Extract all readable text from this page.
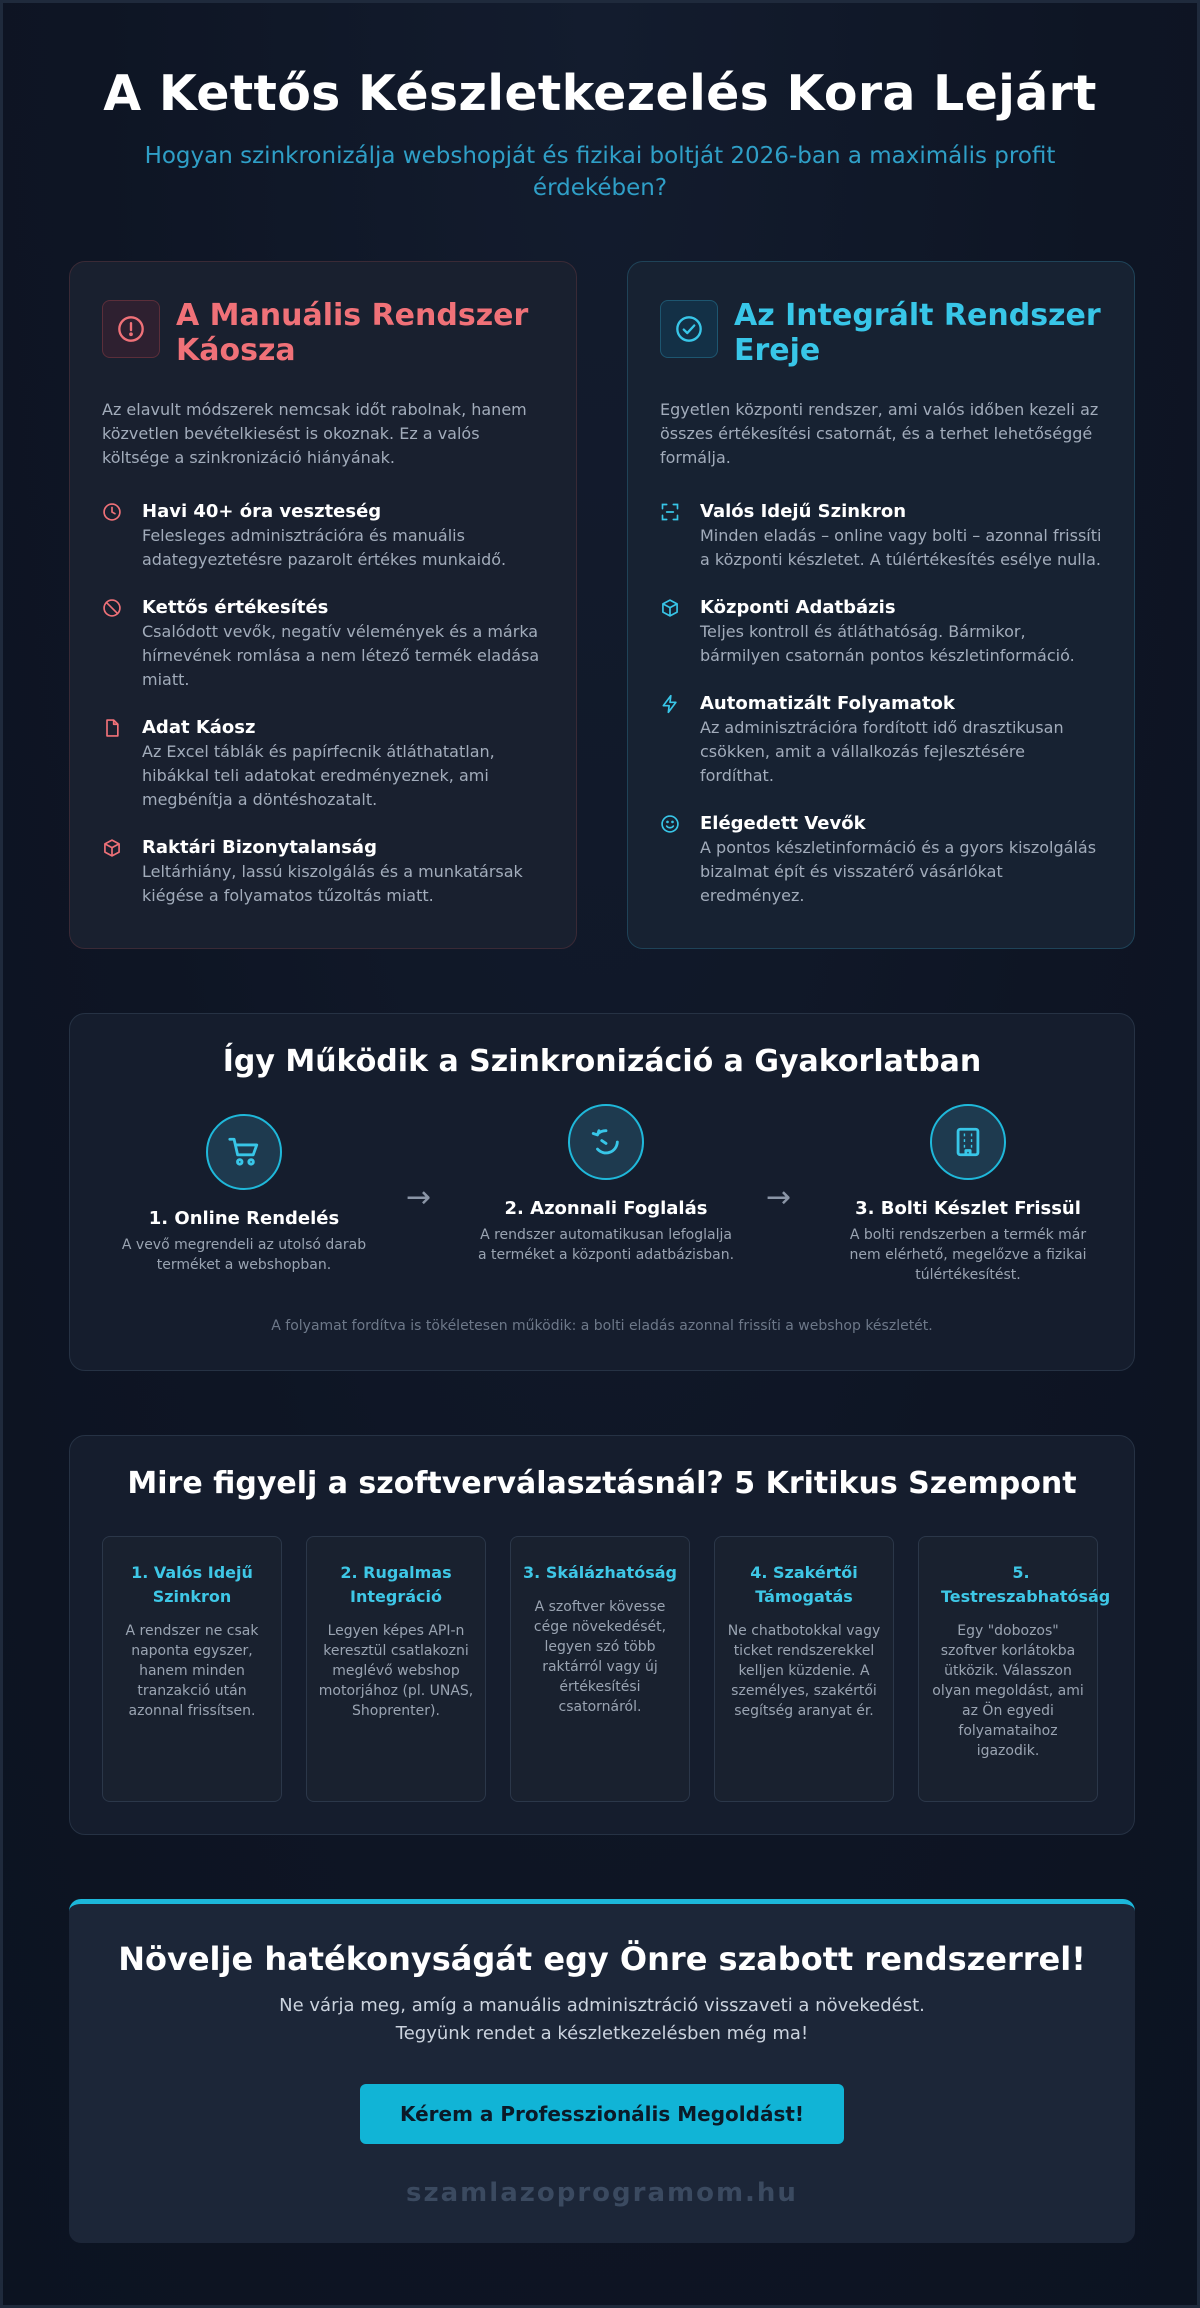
A Kettős Készletkezelés Kora Lejárt

Hogyan szinkronizálja webshopját és fizikai boltját 2026-ban a maximális profit érdekében?

A Manuális Rendszer Káosza

Az elavult módszerek nemcsak időt rabolnak, hanem közvetlen bevételkiesést is okoznak. Ez a valós költsége a szinkronizáció hiányának.

Havi 40+ óra veszteség
Felesleges adminisztrációra és manuális adategyeztetésre pazarolt értékes munkaidő.
Kettős értékesítés
Csalódott vevők, negatív vélemények és a márka hírnevének romlása a nem létező termék eladása miatt.
Adat Káosz
Az Excel táblák és papírfecnik átláthatatlan, hibákkal teli adatokat eredményeznek, ami megbénítja a döntéshozatalt.
Raktári Bizonytalanság
Leltárhiány, lassú kiszolgálás és a munkatársak kiégése a folyamatos tűzoltás miatt.
Az Integrált Rendszer Ereje

Egyetlen központi rendszer, ami valós időben kezeli az összes értékesítési csatornát, és a terhet lehetőséggé formálja.

Valós Idejű Szinkron
Minden eladás – online vagy bolti – azonnal frissíti a központi készletet. A túlértékesítés esélye nulla.
Központi Adatbázis
Teljes kontroll és átláthatóság. Bármikor, bármilyen csatornán pontos készletinformáció.
Automatizált Folyamatok
Az adminisztrációra fordított idő drasztikusan csökken, amit a vállalkozás fejlesztésére fordíthat.
Elégedett Vevők
A pontos készletinformáció és a gyors kiszolgálás bizalmat épít és visszatérő vásárlókat eredményez.
Így Működik a Szinkronizáció a Gyakorlatban
1. Online Rendelés
A vevő megrendeli az utolsó darab terméket a webshopban.
→	2. Azonnali Foglalás
A rendszer automatikusan lefoglalja a terméket a központi adatbázisban.
→	3. Bolti Készlet Frissül
A bolti rendszerben a termék már nem elérhető, megelőzve a fizikai túlértékesítést.

A folyamat fordítva is tökéletesen működik: a bolti eladás azonnal frissíti a webshop készletét.

Mire figyelj a szoftverválasztásnál? 5 Kritikus Szempont
1. Valós Idejű Szinkron
A rendszer ne csak naponta egyszer, hanem minden tranzakció után azonnal frissítsen.
2. Rugalmas Integráció
Legyen képes API-n keresztül csatlakozni meglévő webshop motorjához (pl. UNAS, Shoprenter).
3. Skálázhatóság
A szoftver kövesse cége növekedését, legyen szó több raktárról vagy új értékesítési csatornáról.
4. Szakértői Támogatás
Ne chatbotokkal vagy ticket rendszerekkel kelljen küzdenie. A személyes, szakértői segítség aranyat ér.
5. Testreszabhatóság
Egy "dobozos" szoftver korlátokba ütközik. Válasszon olyan megoldást, ami az Ön egyedi folyamataihoz igazodik.
Növelje hatékonyságát egy Önre szabott rendszerrel!

Ne várja meg, amíg a manuális adminisztráció visszaveti a növekedést.
Tegyünk rendet a készletkezelésben még ma!

Kérem a Professzionális Megoldást!
szamlazoprogramom.hu
